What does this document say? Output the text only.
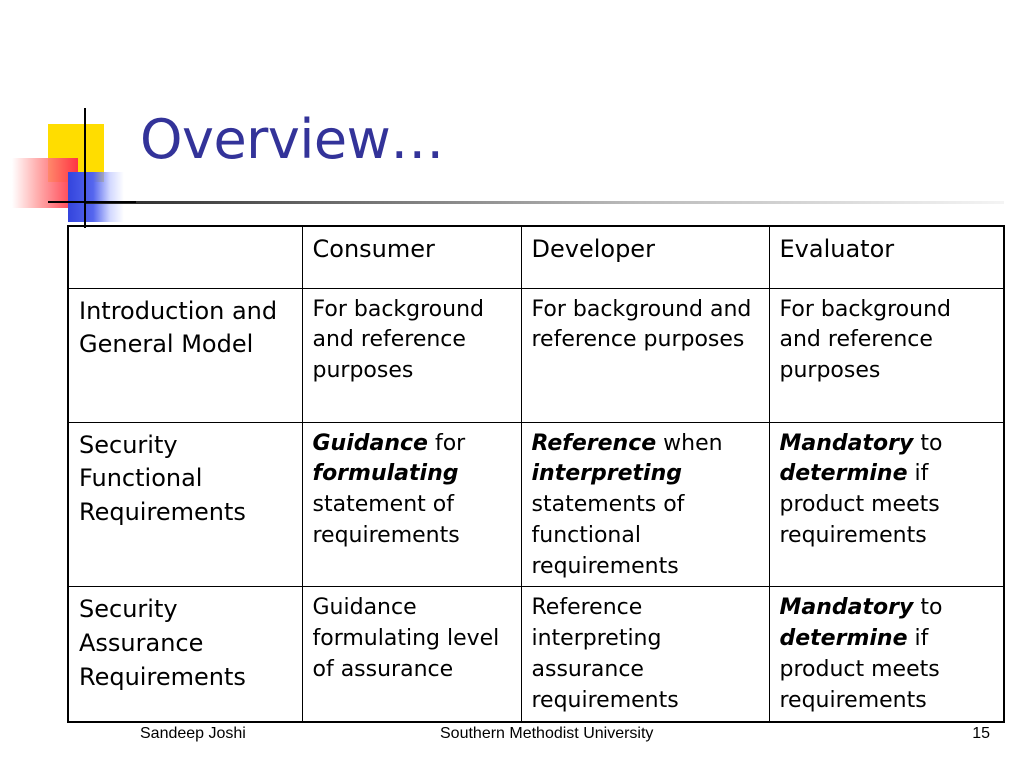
Overview…
	Consumer	Developer	Evaluator
Introduction and General Model	For background and reference purposes	For background and reference purposes	For background and reference purposes
Security Functional Requirements	Guidance for formulating statement of requirements	Reference when interpreting statements of functional requirements	Mandatory to determine if product meets requirements
Security Assurance Requirements	Guidance formulating level of assurance	Reference interpreting assurance requirements	Mandatory to determine if product meets requirements
Sandeep Joshi	Southern Methodist University	15
